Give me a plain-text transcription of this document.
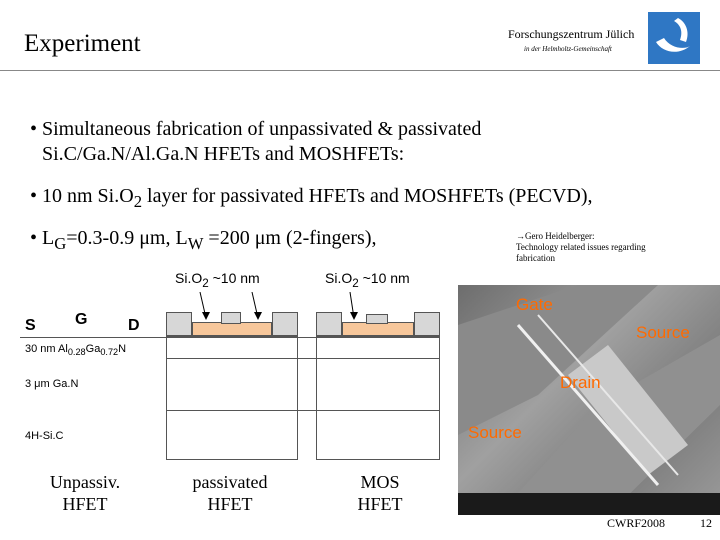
Experiment	Forschungszentrum Jülich
in der Helmholtz-Gemeinschaft
• Simultaneous fabrication of unpassivated & passivated
Si.C/Ga.N/Al.Ga.N HFETs and MOSHFETs:
• 10 nm $Si.O_2$ layer for passivated HFETs and MOSHFETs (PECVD),
• $L_G=0.3-0.9$ μm, $L_W =200$ μm (2-fingers),	→Gero Heidelberger:
Technology related issues regarding fabrication
$Si.O_2$ ~10 nm	$Si.O_2$ ~10 nm
S G	D
30 nm $Al_{0.28}Ga_{0.72}N$
3 μm Ga.N
4H-Si.C
Unpassiv.
HFET
passivated
HFET
MOS
HFET
Gate
Source
Drain
Source
CWRF2008	12
